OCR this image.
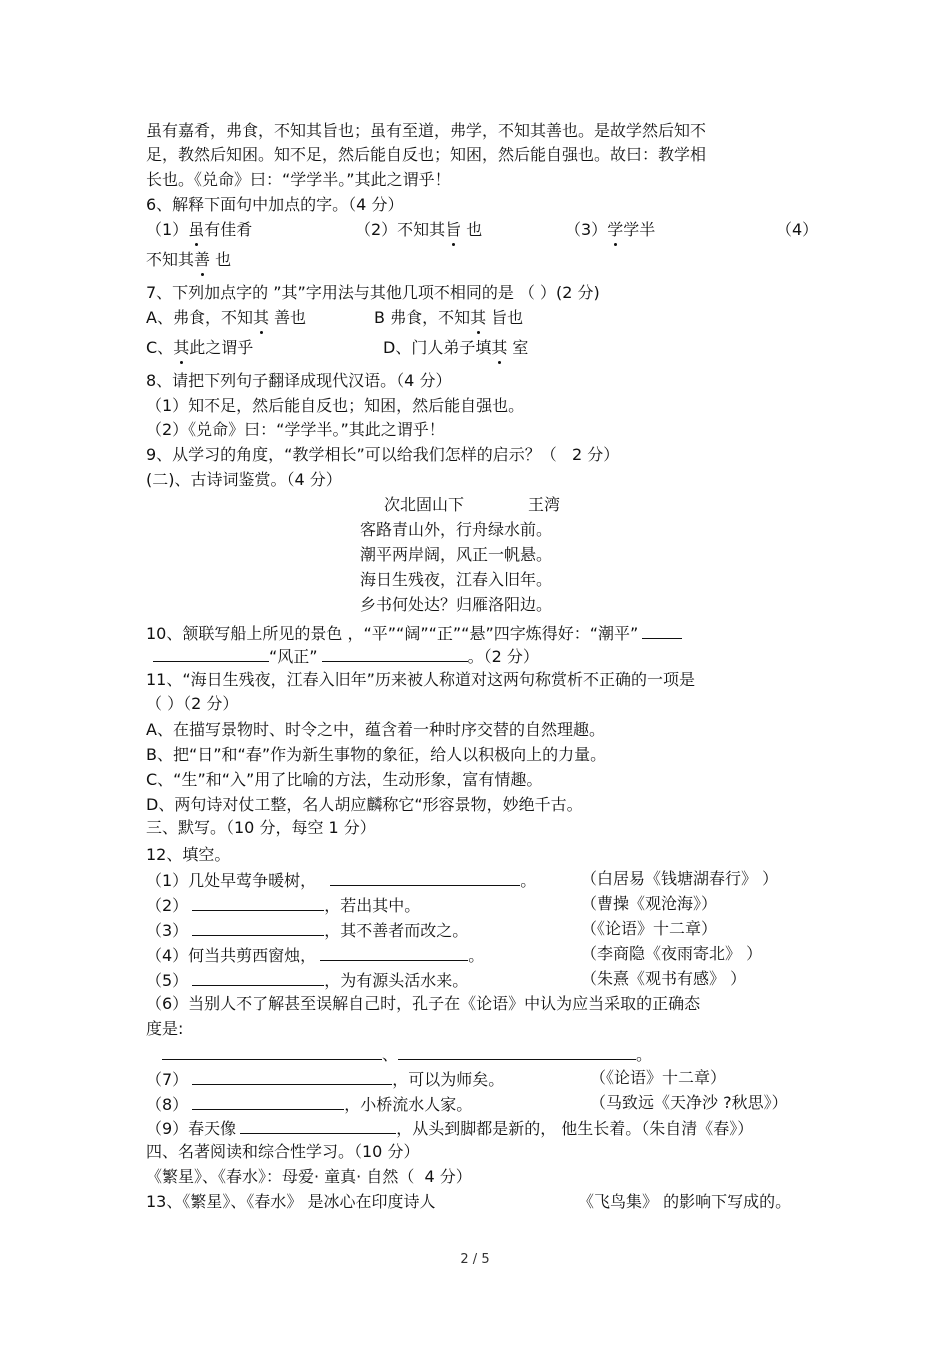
虽有嘉肴，弗食，不知其旨也；虽有至道，弗学，不知其善也。是故学然后知不
足，教然后知困。知不足，然后能自反也；知困，然后能自强也。故曰：教学相
长也。《兑命》曰：“学学半。”其此之谓乎！
6、解释下面句中加点的字。（4 分）
（1）虽有佳肴	（2）不知其旨 也	（3）学学半	（4）
不知其善 也
7、下列加点字的 ”其”字用法与其他几项不相同的是 （ ）(2 分)
A、弗食，不知其 善也	B 弗食，不知其 旨也
C、其此之谓乎	D、门人弟子填其 室
8、请把下列句子翻译成现代汉语。（4 分）
（1）知不足，然后能自反也；知困，然后能自强也。
（2）《兑命》曰：“学学半。”其此之谓乎！
9、从学习的角度，“教学相长”可以给我们怎样的启示？（   2 分）
(二)、古诗词鉴赏。（4 分）
次北固山下	王湾
客路青山外，行舟绿水前。
潮平两岸阔，风正一帆悬。
海日生残夜，江春入旧年。
乡书何处达？归雁洛阳边。
10、颔联写船上所见的景色 ，“平”“阔”“正”“悬”四字炼得好：“潮平”
“风正”	。（2 分）
11、“海日生残夜，江春入旧年”历来被人称道对这两句称赏析不正确的一项是
（ ）（2 分）
A、在描写景物时、时令之中，蕴含着一种时序交替的自然理趣。
B、把“日”和“春”作为新生事物的象征，给人以积极向上的力量。
C、“生”和“入”用了比喻的方法，生动形象，富有情趣。
D、两句诗对仗工整，名人胡应麟称它“形容景物，妙绝千古。
三、默写。（10 分，每空 1 分）
12、填空。
（1）几处早莺争暖树，	。	（白居易《钱塘湖春行》 ）
（2）	，若出其中。	（曹操《观沧海》）
（3）	，其不善者而改之。	（《论语》十二章）
（4）何当共剪西窗烛，	。	（李商隐《夜雨寄北》 ）
（5）	，为有源头活水来。	（朱熹《观书有感》 ）
（6）当别人不了解甚至误解自己时，孔子在《论语》中认为应当采取的正确态
度是:
、	。
（7）	，可以为师矣。	（《论语》十二章）
（8）	，小桥流水人家。	（马致远《天净沙 ?秋思》）
（9）春天像	，从头到脚都是新的， 他生长着。（朱自清《春》）
四、名著阅读和综合性学习。（10 分）
《繁星》、《春水》：母爱· 童真· 自然（  4 分）
13、《繁星》、《春水》 是冰心在印度诗人	《飞鸟集》 的影响下写成的。
2 / 5
